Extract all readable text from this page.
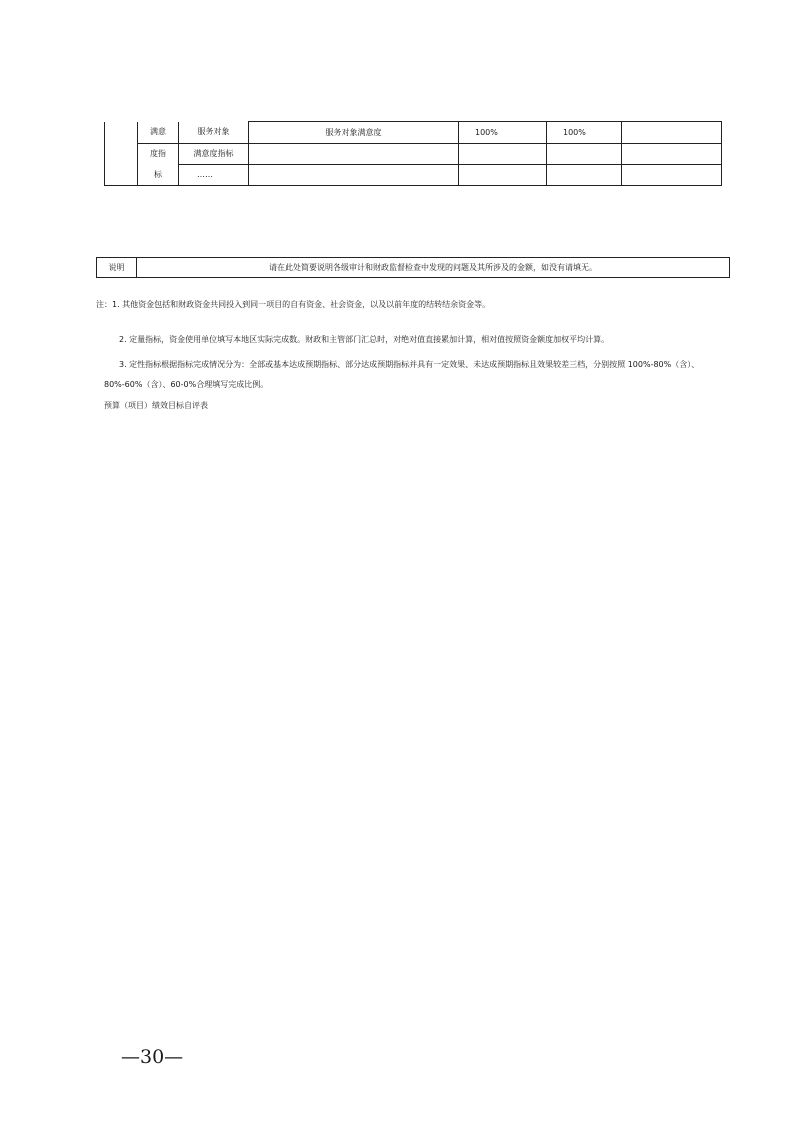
	满意	服务对象	服务对象满意度	100%	100%	
	度指	满意度指标				
	标	……				
说明	请在此处简要说明各级审计和财政监督检查中发现的问题及其所涉及的金额，如没有请填无。
注：1. 其他资金包括和财政资金共同投入到同一项目的自有资金、社会资金，以及以前年度的结转结余资金等。
2. 定量指标，资金使用单位填写本地区实际完成数。财政和主管部门汇总时，对绝对值直接累加计算，相对值按照资金额度加权平均计算。
3. 定性指标根据指标完成情况分为：全部或基本达成预期指标、部分达成预期指标并具有一定效果、未达成预期指标且效果较差三档，分别按照 100%-80%（含）、
80%-60%（含）、60-0%合理填写完成比例。
预算（项目）绩效目标自评表
—30—
